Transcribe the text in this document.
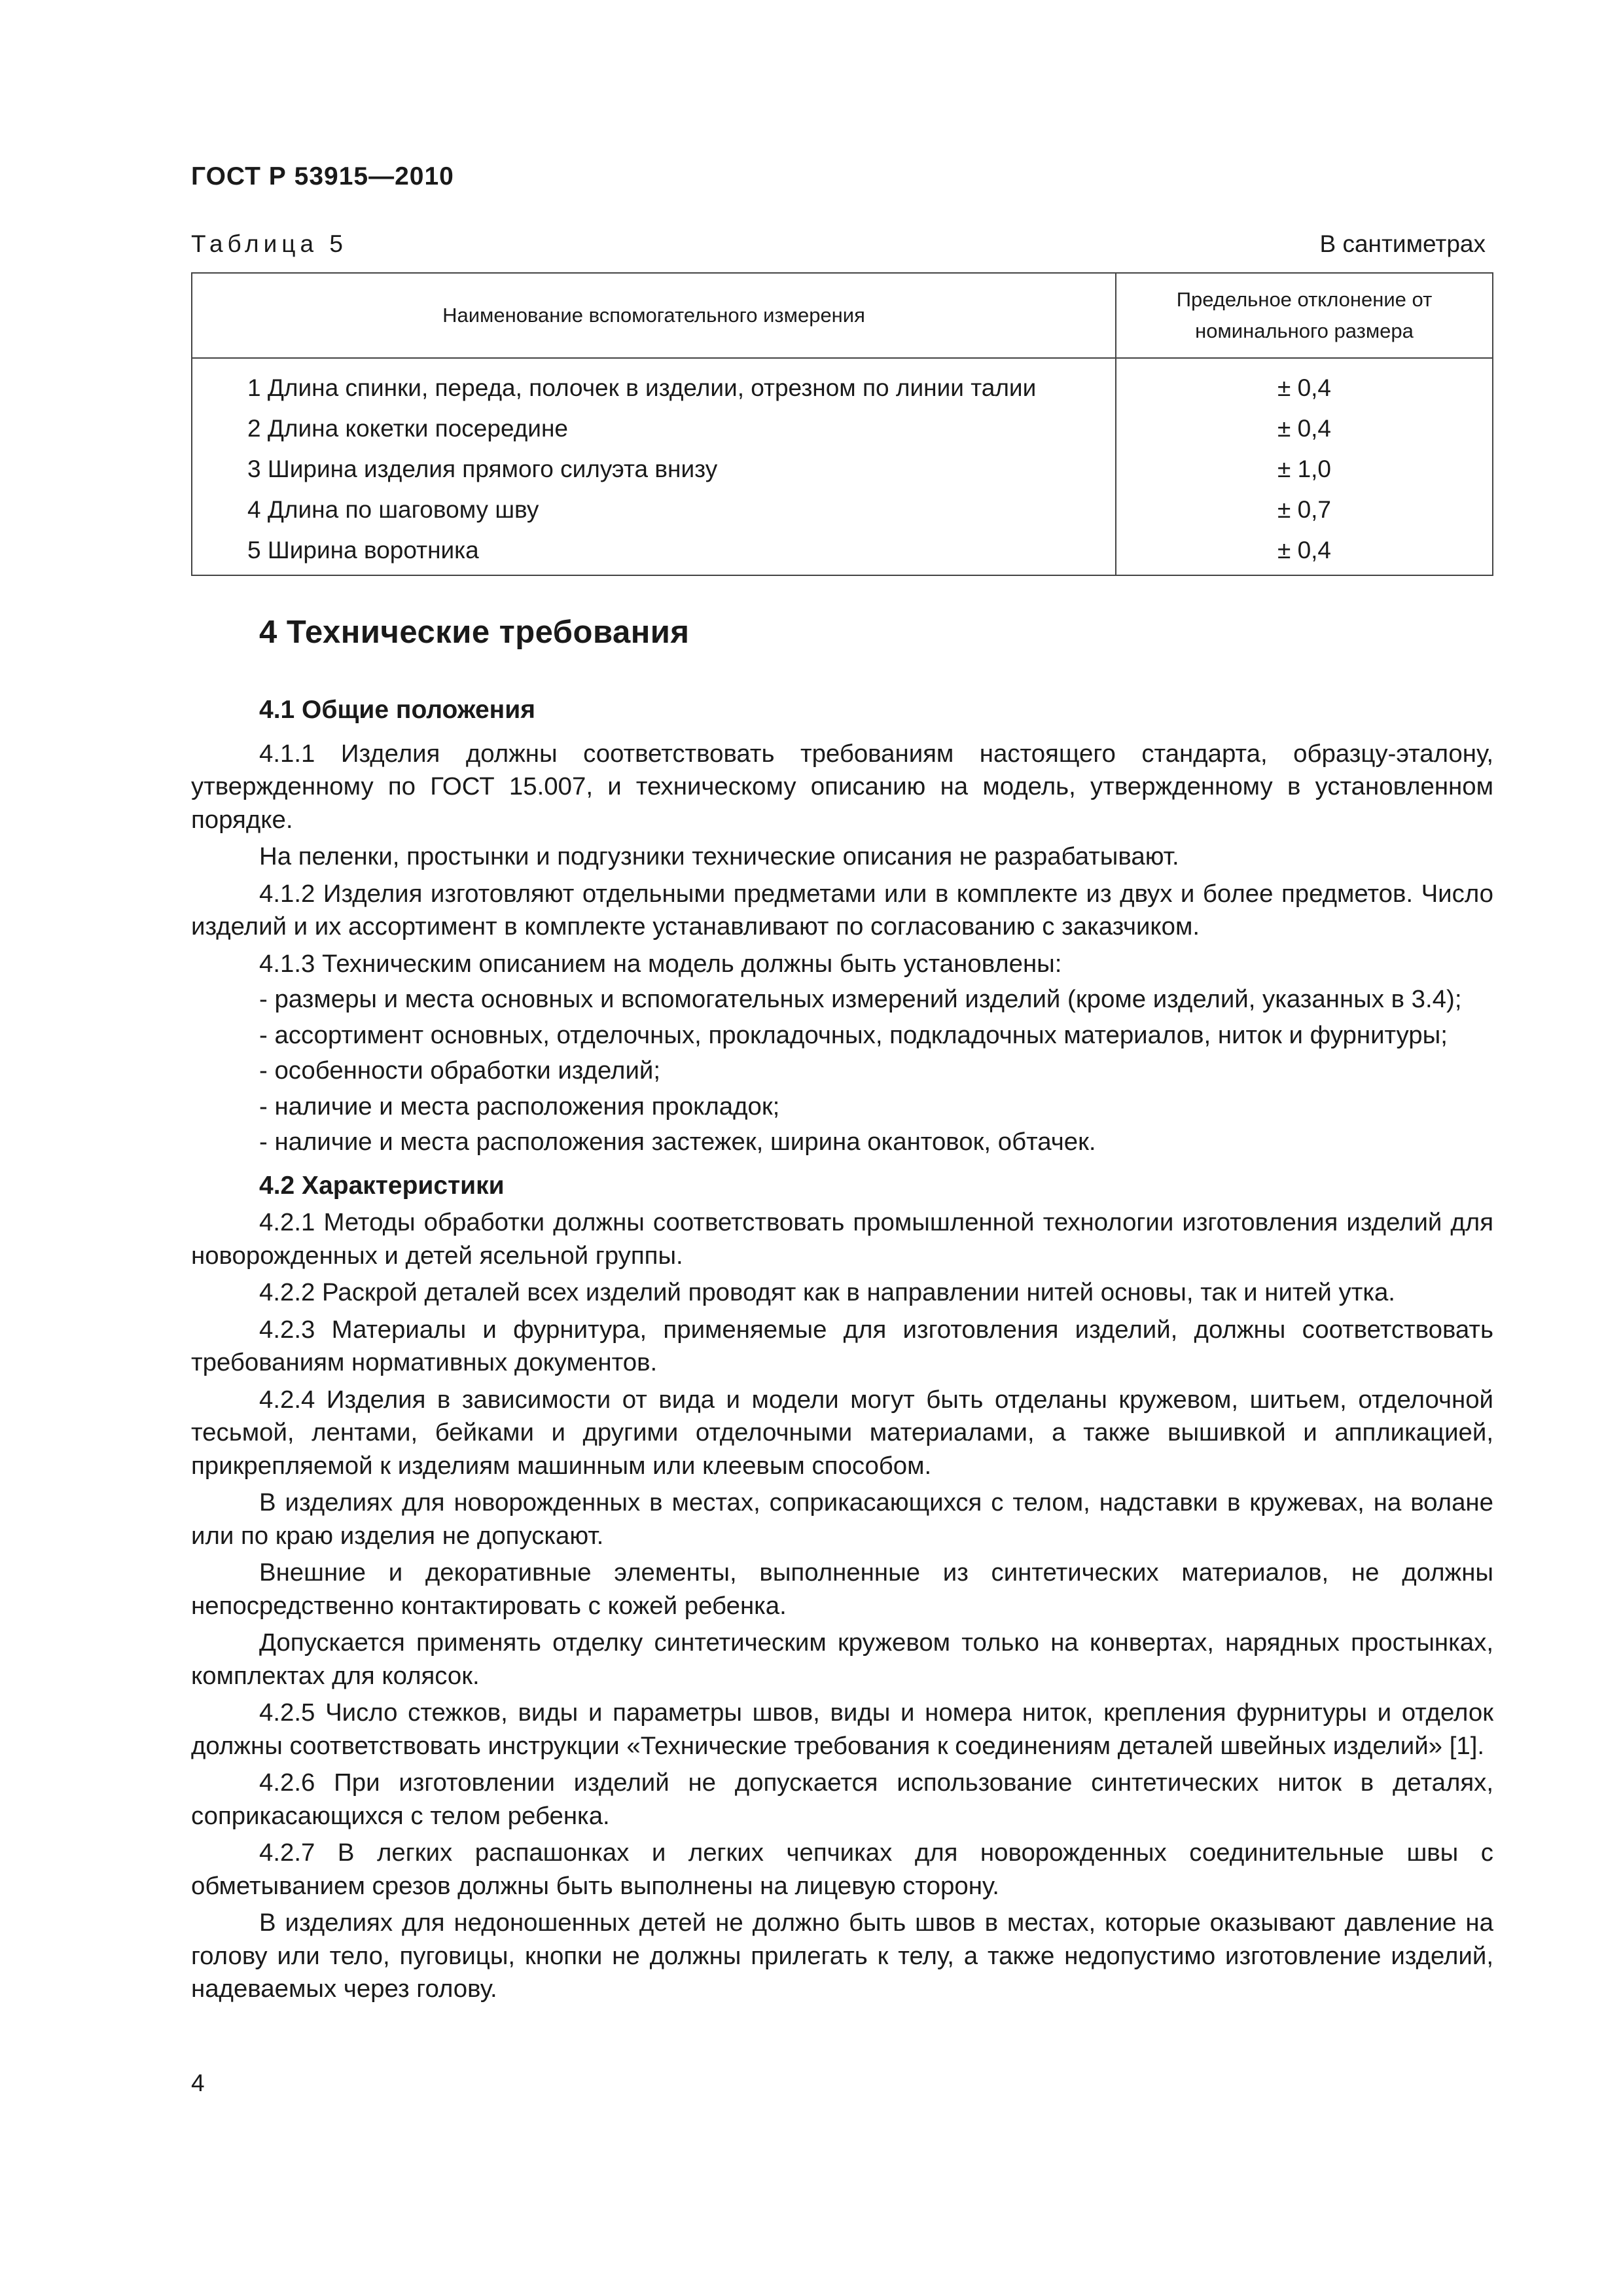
ГОСТ Р 53915—2010
Таблица 5	В сантиметрах
Наименование вспомогательного измерения	Предельное отклонение от номинального размера
1 Длина спинки, переда, полочек в изделии, отрезном по линии талии	± 0,4
2 Длина кокетки посередине	± 0,4
3 Ширина изделия прямого силуэта внизу	± 1,0
4 Длина по шаговому шву	± 0,7
5 Ширина воротника	± 0,4
4 Технические требования

4.1 Общие положения

4.1.1 Изделия должны соответствовать требованиям настоящего стандарта, образцу-эталону, утвержденному по ГОСТ 15.007, и техническому описанию на модель, утвержденному в установленном порядке.

На пеленки, простынки и подгузники технические описания не разрабатывают.

4.1.2 Изделия изготовляют отдельными предметами или в комплекте из двух и более предметов. Число изделий и их ассортимент в комплекте устанавливают по согласованию с заказчиком.

4.1.3 Техническим описанием на модель должны быть установлены:

- размеры и места основных и вспомогательных измерений изделий (кроме изделий, указанных в 3.4);

- ассортимент основных, отделочных, прокладочных, подкладочных материалов, ниток и фурнитуры;

- особенности обработки изделий;

- наличие и места расположения прокладок;

- наличие и места расположения застежек, ширина окантовок, обтачек.

4.2 Характеристики

4.2.1 Методы обработки должны соответствовать промышленной технологии изготовления изделий для новорожденных и детей ясельной группы.

4.2.2 Раскрой деталей всех изделий проводят как в направлении нитей основы, так и нитей утка.

4.2.3 Материалы и фурнитура, применяемые для изготовления изделий, должны соответствовать требованиям нормативных документов.

4.2.4 Изделия в зависимости от вида и модели могут быть отделаны кружевом, шитьем, отделочной тесьмой, лентами, бейками и другими отделочными материалами, а также вышивкой и аппликацией, прикрепляемой к изделиям машинным или клеевым способом.

В изделиях для новорожденных в местах, соприкасающихся с телом, надставки в кружевах, на волане или по краю изделия не допускают.

Внешние и декоративные элементы, выполненные из синтетических материалов, не должны непосредственно контактировать с кожей ребенка.

Допускается применять отделку синтетическим кружевом только на конвертах, нарядных простынках, комплектах для колясок.

4.2.5 Число стежков, виды и параметры швов, виды и номера ниток, крепления фурнитуры и отделок должны соответствовать инструкции «Технические требования к соединениям деталей швейных изделий» [1].

4.2.6 При изготовлении изделий не допускается использование синтетических ниток в деталях, соприкасающихся с телом ребенка.

4.2.7 В легких распашонках и легких чепчиках для новорожденных соединительные швы с обметыванием срезов должны быть выполнены на лицевую сторону.

В изделиях для недоношенных детей не должно быть швов в местах, которые оказывают давление на голову или тело, пуговицы, кнопки не должны прилегать к телу, а также недопустимо изготовление изделий, надеваемых через голову.

4
